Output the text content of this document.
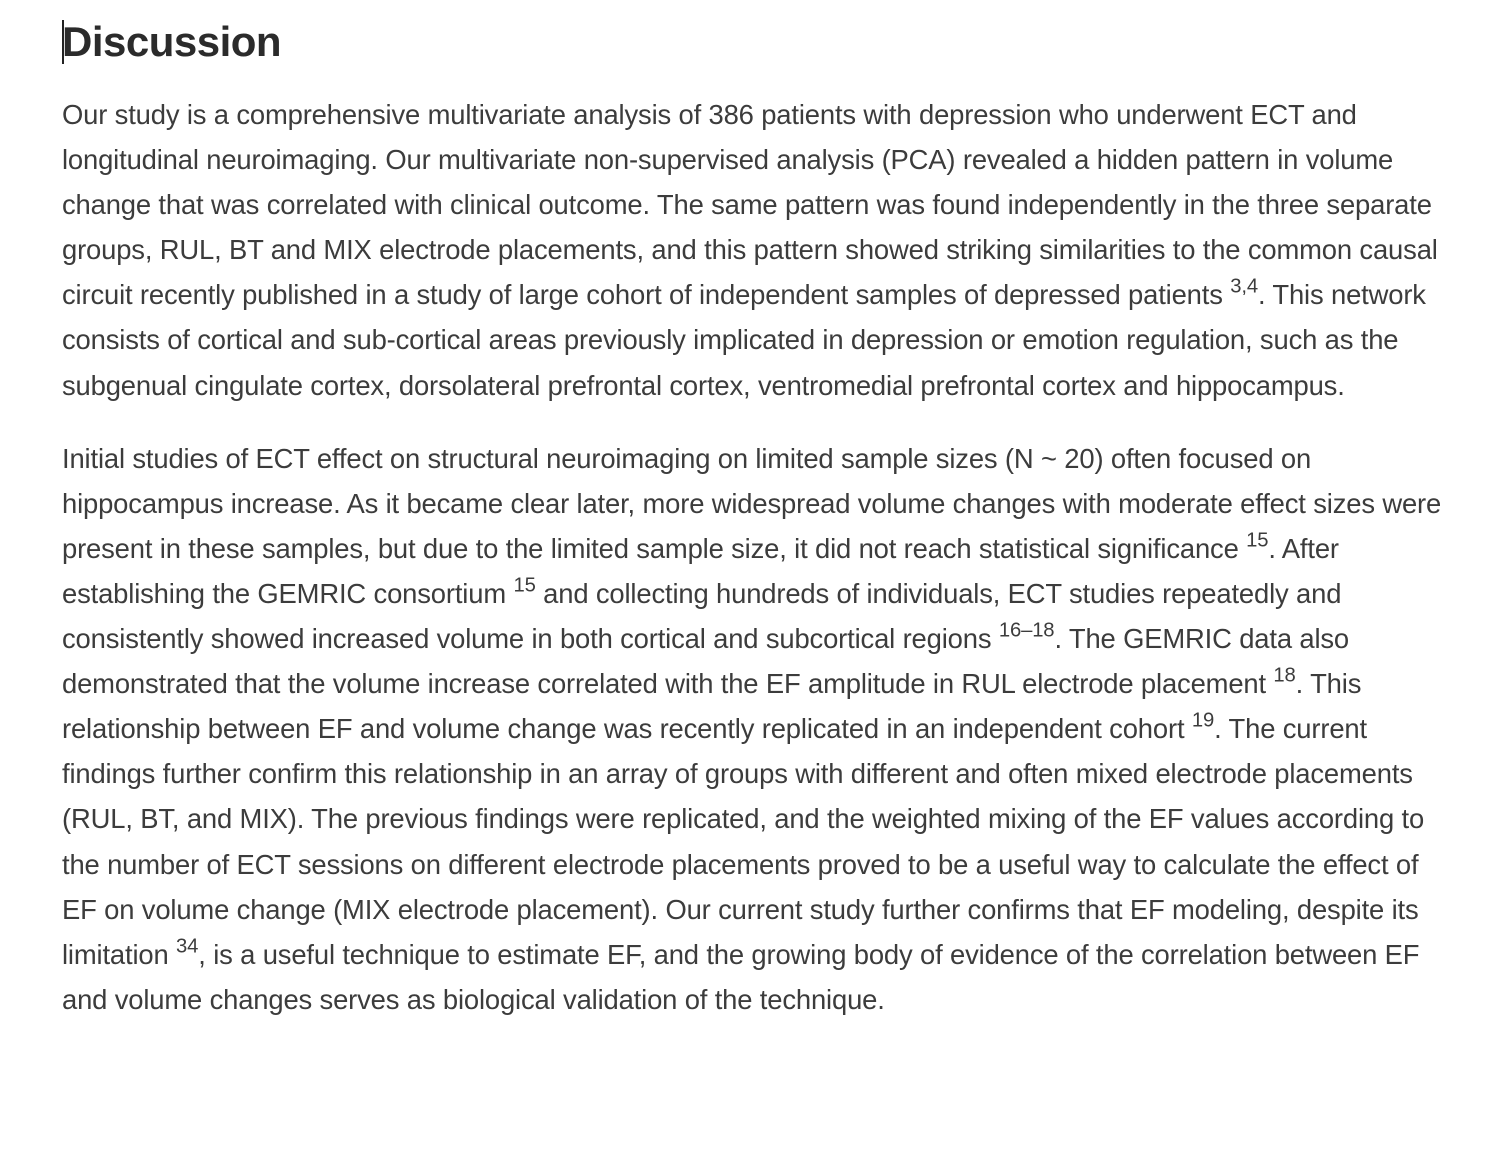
Discussion

Our study is a comprehensive multivariate analysis of 386 patients with depression who underwent ECT and longitudinal neuroimaging. Our multivariate non-supervised analysis (PCA) revealed a hidden pattern in volume change that was correlated with clinical outcome. The same pattern was found independently in the three separate groups, RUL, BT and MIX electrode placements, and this pattern showed striking similarities to the common causal circuit recently published in a study of large cohort of independent samples of depressed patients $^{3,4}$. This network consists of cortical and sub-cortical areas previously implicated in depression or emotion regulation, such as the subgenual cingulate cortex, dorsolateral prefrontal cortex, ventromedial prefrontal cortex and hippocampus.

Initial studies of ECT effect on structural neuroimaging on limited sample sizes (N ~ 20) often focused on hippocampus increase. As it became clear later, more widespread volume changes with moderate effect sizes were present in these samples, but due to the limited sample size, it did not reach statistical significance $^{15}$. After establishing the GEMRIC consortium $^{15}$ and collecting hundreds of individuals, ECT studies repeatedly and consistently showed increased volume in both cortical and subcortical regions $^{16-18}$. The GEMRIC data also demonstrated that the volume increase correlated with the EF amplitude in RUL electrode placement $^{18}$. This relationship between EF and volume change was recently replicated in an independent cohort $^{19}$. The current findings further confirm this relationship in an array of groups with different and often mixed electrode placements (RUL, BT, and MIX). The previous findings were replicated, and the weighted mixing of the EF values according to the number of ECT sessions on different electrode placements proved to be a useful way to calculate the effect of EF on volume change (MIX electrode placement). Our current study further confirms that EF modeling, despite its limitation $^{34}$, is a useful technique to estimate EF, and the growing body of evidence of the correlation between EF and volume changes serves as biological validation of the technique.
